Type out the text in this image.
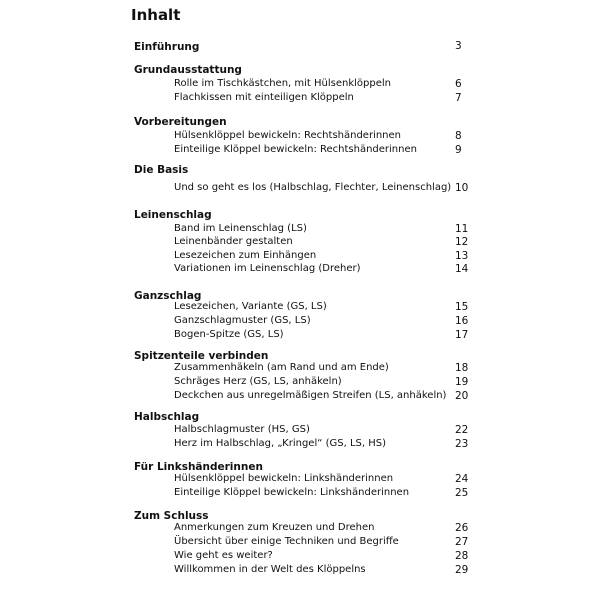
Inhalt
Einführung	3
Grundausstattung
Rolle im Tischkästchen, mit Hülsenklöppeln	6
Flachkissen mit einteiligen Klöppeln	7
Vorbereitungen
Hülsenklöppel bewickeln: Rechtshänderinnen	8
Einteilige Klöppel bewickeln: Rechtshänderinnen	9
Die Basis
Und so geht es los (Halbschlag, Flechter, Leinenschlag) 10
Leinenschlag
Band im Leinenschlag (LS)	11
Leinenbänder gestalten	12
Lesezeichen zum Einhängen	13
Variationen im Leinenschlag (Dreher)	14
Ganzschlag
Lesezeichen, Variante (GS, LS)	15
Ganzschlagmuster (GS, LS)	16
Bogen-Spitze (GS, LS)	17
Spitzenteile verbinden
Zusammenhäkeln (am Rand und am Ende)	18
Schräges Herz (GS, LS, anhäkeln)	19
Deckchen aus unregelmäßigen Streifen (LS, anhäkeln) 20
Halbschlag
Halbschlagmuster (HS, GS)	22
Herz im Halbschlag, „Kringel“ (GS, LS, HS)	23
Für Linkshänderinnen
Hülsenklöppel bewickeln: Linkshänderinnen	24
Einteilige Klöppel bewickeln: Linkshänderinnen	25
Zum Schluss
Anmerkungen zum Kreuzen und Drehen	26
Übersicht über einige Techniken und Begriffe	27
Wie geht es weiter?	28
Willkommen in der Welt des Klöppelns	29
